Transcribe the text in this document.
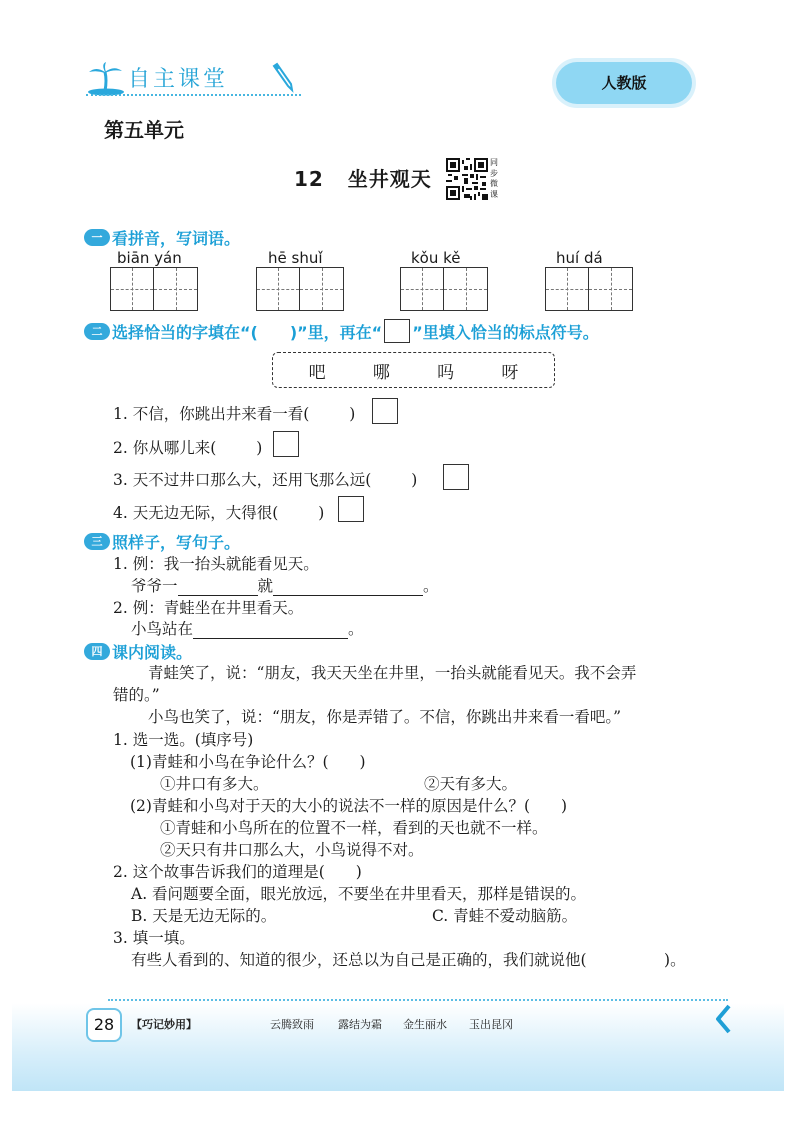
自主课堂	人教版
第五单元
12 坐井观天
同步微课
一 看拼音，写词语。
biān yán	hē shuǐ	kǒu kě	huí dá
二 选择恰当的字填在“(　　)”里，再在“ ”里填入恰当的标点符号。
吧	哪	吗	呀
1. 不信，你跳出井来看一看(	)
2. 你从哪儿来(	)
3. 天不过井口那么大，还用飞那么远(	)
4. 天无边无际，大得很(	)
三 照样子，写句子。
1. 例：我一抬头就能看见天。
爷爷一	就	。
2. 例：青蛙坐在井里看天。
小鸟站在	。
四 课内阅读。
青蛙笑了，说：“朋友，我天天坐在井里，一抬头就能看见天。我不会弄
错的。”
小鸟也笑了，说：“朋友，你是弄错了。不信，你跳出井来看一看吧。”
1. 选一选。(填序号)
(1)青蛙和小鸟在争论什么？(　　)
①井口有多大。	②天有多大。
(2)青蛙和小鸟对于天的大小的说法不一样的原因是什么？(　　)
①青蛙和小鸟所在的位置不一样，看到的天也就不一样。
②天只有井口那么大，小鸟说得不对。
2. 这个故事告诉我们的道理是(　　)
A. 看问题要全面，眼光放远，不要坐在井里看天，那样是错误的。
B. 天是无边无际的。	C. 青蛙不爱动脑筋。
3. 填一填。
有些人看到的、知道的很少，还总以为自己是正确的，我们就说他(　　　　　)。
28	【巧记妙用】	云腾致雨 露结为霜 金生丽水 玉出昆冈
